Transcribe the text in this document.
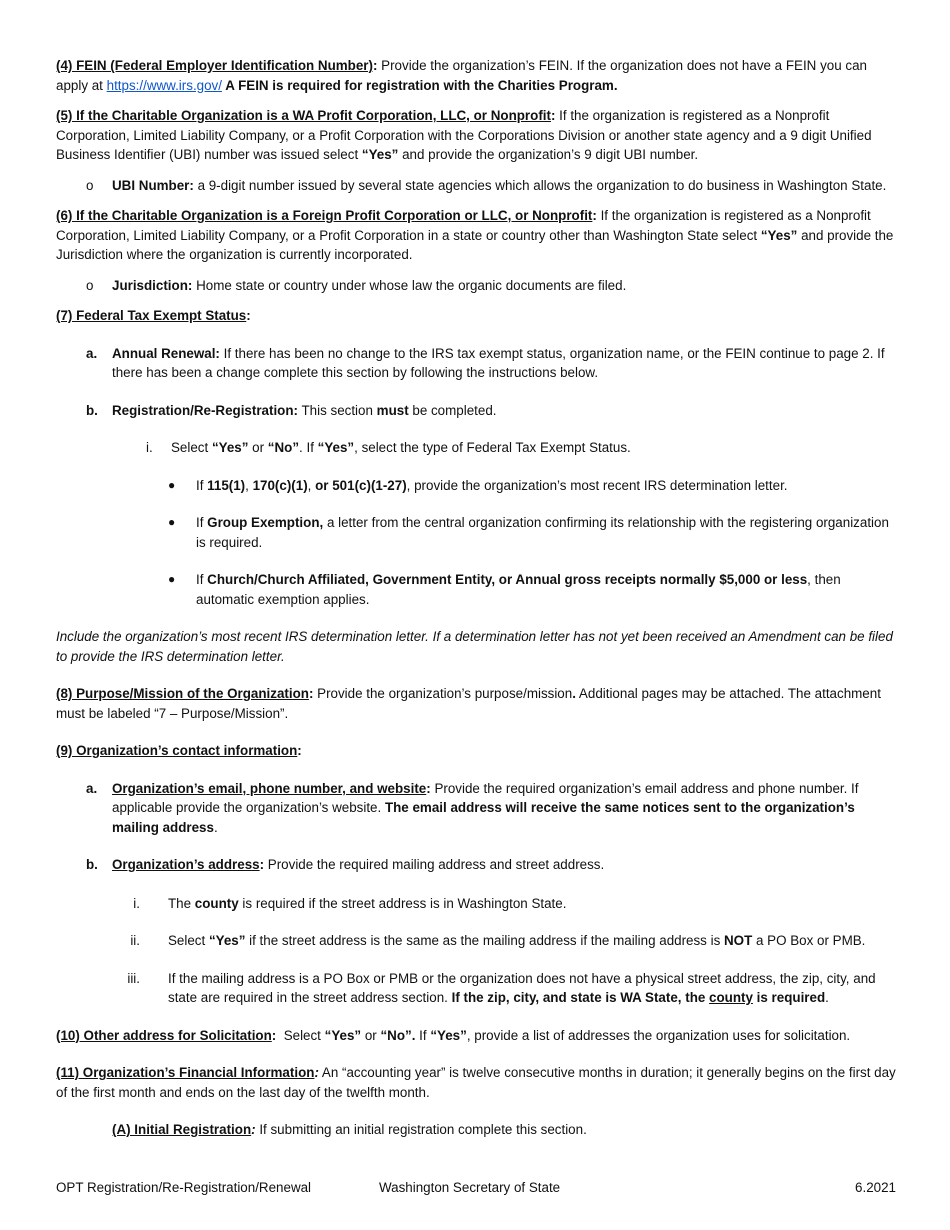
(4) FEIN (Federal Employer Identification Number): Provide the organization’s FEIN. If the organization does not have a FEIN you can apply at https://www.irs.gov/ A FEIN is required for registration with the Charities Program.

(5) If the Charitable Organization is a WA Profit Corporation, LLC, or Nonprofit: If the organization is registered as a Nonprofit Corporation, Limited Liability Company, or a Profit Corporation with the Corporations Division or another state agency and a 9 digit Unified Business Identifier (UBI) number was issued select “Yes” and provide the organization’s 9 digit UBI number.

o UBI Number: a 9-digit number issued by several state agencies which allows the organization to do business in Washington State.

(6) If the Charitable Organization is a Foreign Profit Corporation or LLC, or Nonprofit: If the organization is registered as a Nonprofit Corporation, Limited Liability Company, or a Profit Corporation in a state or country other than Washington State select “Yes” and provide the Jurisdiction where the organization is currently incorporated.

o Jurisdiction: Home state or country under whose law the organic documents are filed.

(7) Federal Tax Exempt Status:

a. Annual Renewal: If there has been no change to the IRS tax exempt status, organization name, or the FEIN continue to page 2. If there has been a change complete this section by following the instructions below.
b. Registration/Re-Registration: This section must be completed.
i. Select “Yes” or “No”. If “Yes”, select the type of Federal Tax Exempt Status.
● If 115(1), 170(c)(1), or 501(c)(1-27), provide the organization’s most recent IRS determination letter.
● If Group Exemption, a letter from the central organization confirming its relationship with the registering organization is required.
● If Church/Church Affiliated, Government Entity, or Annual gross receipts normally $5,000 or less, then automatic exemption applies.

Include the organization’s most recent IRS determination letter. If a determination letter has not yet been received an Amendment can be filed to provide the IRS determination letter.

(8) Purpose/Mission of the Organization: Provide the organization’s purpose/mission. Additional pages may be attached. The attachment must be labeled “7 – Purpose/Mission”.

(9) Organization’s contact information:

a. Organization’s email, phone number, and website: Provide the required organization’s email address and phone number. If applicable provide the organization’s website. The email address will receive the same notices sent to the organization’s mailing address.
b. Organization’s address: Provide the required mailing address and street address.
i. The county is required if the street address is in Washington State.
ii. Select “Yes” if the street address is the same as the mailing address if the mailing address is NOT a PO Box or PMB.
iii. If the mailing address is a PO Box or PMB or the organization does not have a physical street address, the zip, city, and state are required in the street address section. If the zip, city, and state is WA State, the county is required.

(10) Other address for Solicitation:  Select “Yes” or “No”. If “Yes”, provide a list of addresses the organization uses for solicitation.

(11) Organization’s Financial Information: An “accounting year” is twelve consecutive months in duration; it generally begins on the first day of the first month and ends on the last day of the twelfth month.

(A) Initial Registration: If submitting an initial registration complete this section.

OPT Registration/Re-Registration/Renewal	Washington Secretary of State	6.2021
